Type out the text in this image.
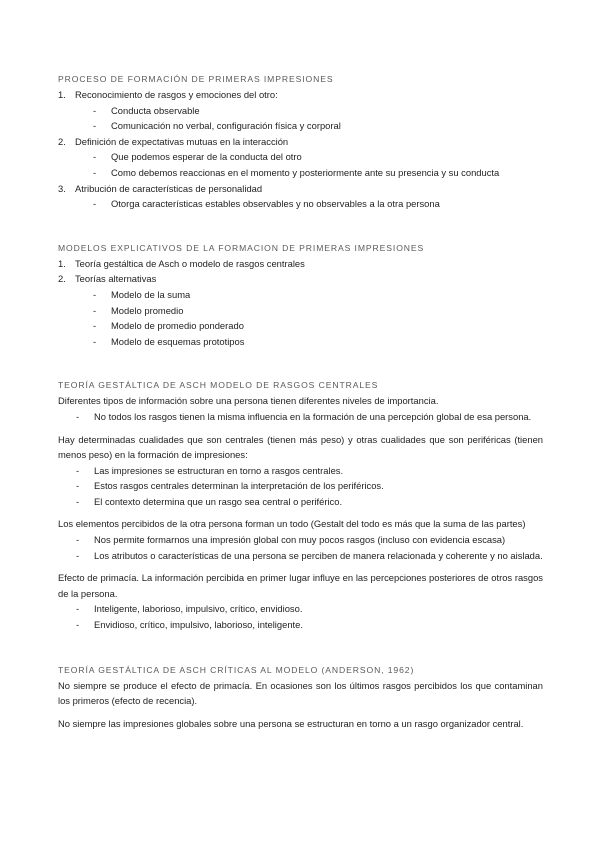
PROCESO DE FORMACIÓN DE PRIMERAS IMPRESIONES
1. Reconocimiento de rasgos y emociones del otro:
- Conducta observable
- Comunicación no verbal, configuración física y corporal
2. Definición de expectativas mutuas en la interacción
- Que podemos esperar de la conducta del otro
- Como debemos reaccionas en el momento y posteriormente ante su presencia y su conducta
3. Atribución de características de personalidad
- Otorga características estables observables y no observables a la otra persona
MODELOS EXPLICATIVOS DE LA FORMACION DE PRIMERAS IMPRESIONES
1. Teoría gestáltica de Asch o modelo de rasgos centrales
2. Teorías alternativas
- Modelo de la suma
- Modelo promedio
- Modelo de promedio ponderado
- Modelo de esquemas prototipos
TEORÍA GESTÁLTICA DE ASCH MODELO DE RASGOS CENTRALES

Diferentes tipos de información sobre una persona tienen diferentes niveles de importancia.

- No todos los rasgos tienen la misma influencia en la formación de una percepción global de esa persona.

Hay determinadas cualidades que son centrales (tienen más peso) y otras cualidades que son periféricas (tienen menos peso) en la formación de impresiones:

- Las impresiones se estructuran en torno a rasgos centrales.
- Estos rasgos centrales determinan la interpretación de los periféricos.
- El contexto determina que un rasgo sea central o periférico.

Los elementos percibidos de la otra persona forman un todo (Gestalt del todo es más que la suma de las partes)

- Nos permite formarnos una impresión global con muy pocos rasgos (incluso con evidencia escasa)
- Los atributos o características de una persona se perciben de manera relacionada y coherente y no aislada.

Efecto de primacía. La información percibida en primer lugar influye en las percepciones posteriores de otros rasgos de la persona.

- Inteligente, laborioso, impulsivo, crítico, envidioso.
- Envidioso, crítico, impulsivo, laborioso, inteligente.
TEORÍA GESTÁLTICA DE ASCH CRÍTICAS AL MODELO (ANDERSON, 1962)

No siempre se produce el efecto de primacía. En ocasiones son los últimos rasgos percibidos los que contaminan los primeros (efecto de recencia).

No siempre las impresiones globales sobre una persona se estructuran en torno a un rasgo organizador central.
